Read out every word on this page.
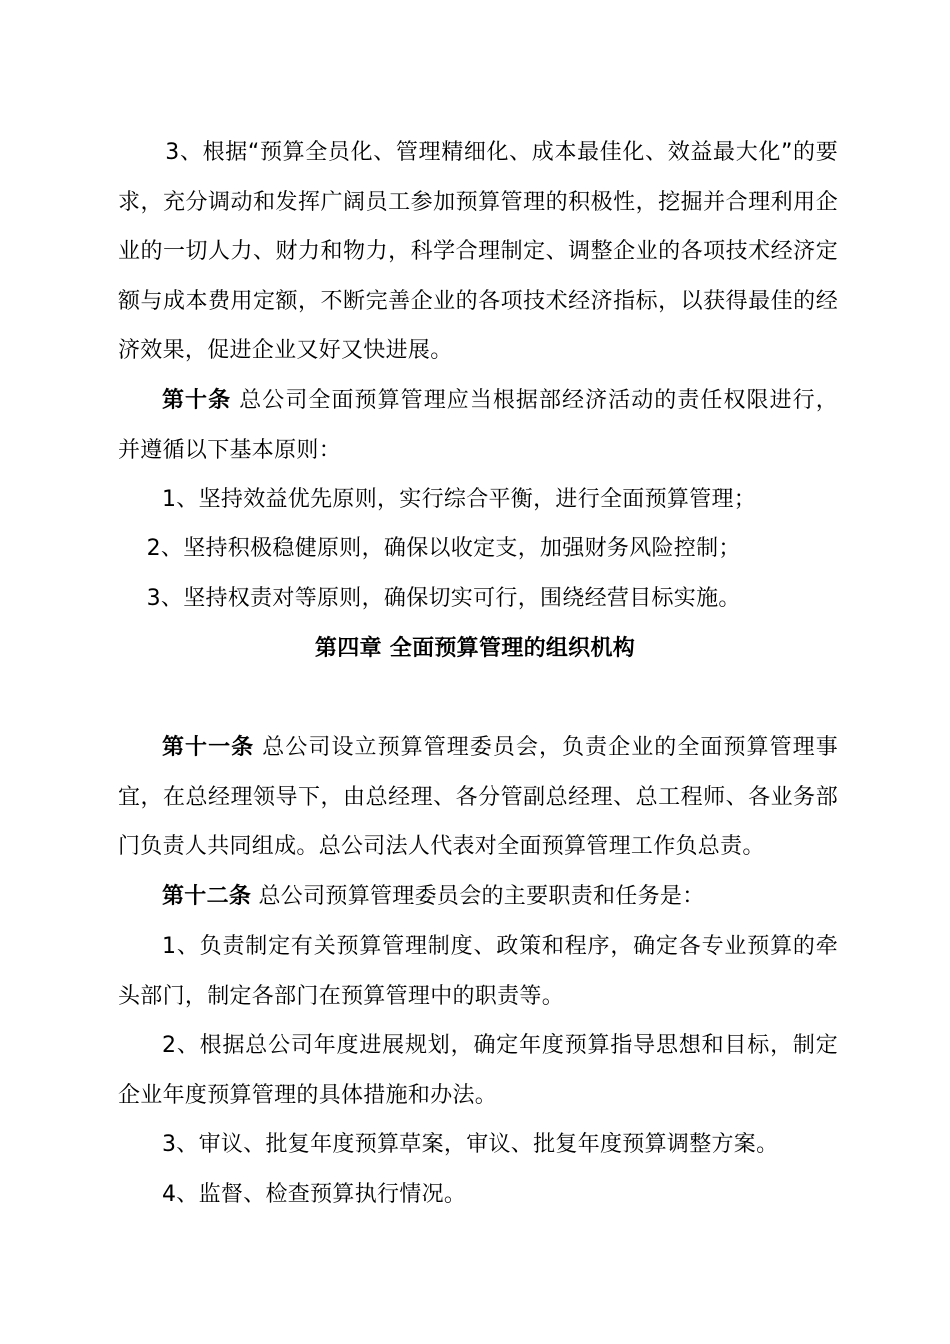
3、根据“预算全员化、管理精细化、成本最佳化、效益最大化”的要求，充分调动和发挥广阔员工参加预算管理的积极性，挖掘并合理利用企业的一切人力、财力和物力，科学合理制定、调整企业的各项技术经济定额与成本费用定额，不断完善企业的各项技术经济指标，以获得最佳的经济效果，促进企业又好又快进展。

第十条 总公司全面预算管理应当根据部经济活动的责任权限进行，并遵循以下基本原则：

1、坚持效益优先原则，实行综合平衡，进行全面预算管理；

2、坚持积极稳健原则，确保以收定支，加强财务风险控制；

3、坚持权责对等原则，确保切实可行，围绕经营目标实施。

第四章 全面预算管理的组织机构

第十一条 总公司设立预算管理委员会，负责企业的全面预算管理事宜，在总经理领导下，由总经理、各分管副总经理、总工程师、各业务部门负责人共同组成。总公司法人代表对全面预算管理工作负总责。

第十二条 总公司预算管理委员会的主要职责和任务是：

1、负责制定有关预算管理制度、政策和程序，确定各专业预算的牵头部门，制定各部门在预算管理中的职责等。

2、根据总公司年度进展规划，确定年度预算指导思想和目标，制定企业年度预算管理的具体措施和办法。

3、审议、批复年度预算草案，审议、批复年度预算调整方案。

4、监督、检查预算执行情况。
